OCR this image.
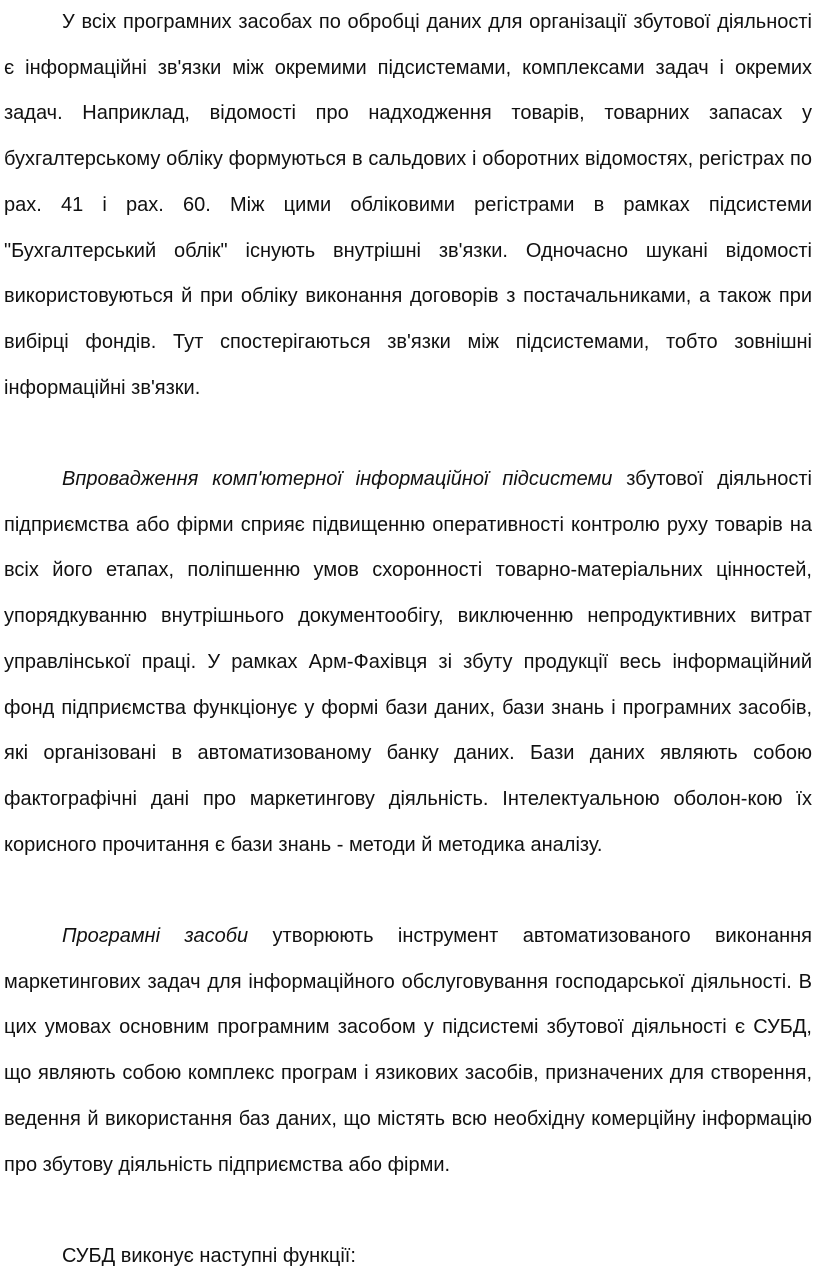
У всіх програмних засобах по обробці даних для організації збутової діяльності є інформаційні зв'язки між окремими підсистемами, комплексами задач і окремих задач. Наприклад, відомості про надходження товарів, товарних запасах у бухгалтерському обліку формуються в сальдових і оборотних відомостях, регістрах по рах. 41 і рах. 60. Між цими обліковими регістрами в рамках підсистеми "Бухгалтерський облік" існують внутрішні зв'язки. Одночасно шукані відомості використовуються й при обліку виконання договорів з постачальниками, а також при вибірці фондів. Тут спостерігаються зв'язки між підсистемами, тобто зовнішні інформаційні зв'язки.

Впровадження комп'ютерної інформаційної підсистеми збутової діяльності підприємства або фірми сприяє підвищенню оперативності контролю руху товарів на всіх його етапах, поліпшенню умов схоронності товарно-матеріальних цінностей, упорядкуванню внутрішнього документообігу, виключенню непродуктивних витрат управлінської праці. У рамках Арм-Фахівця зі збуту продукції весь інформаційний фонд підприємства функціонує у формі бази даних, бази знань і програмних засобів, які організовані в автоматизованому банку даних. Бази даних являють собою фактографічні дані про маркетингову діяльність. Інтелектуальною оболон-кою їх корисного прочитання є бази знань - методи й методика аналізу.

Програмні засоби утворюють інструмент автоматизованого виконання маркетингових задач для інформаційного обслуговування господарської діяльності. В цих умовах основним програмним засобом у підсистемі збутової діяльності є СУБД, що являють собою комплекс програм і язикових засобів, призначених для створення, ведення й використання баз даних, що містять всю необхідну комерційну інформацію про збутову діяльність підприємства або фірми.

СУБД виконує наступні функції:
